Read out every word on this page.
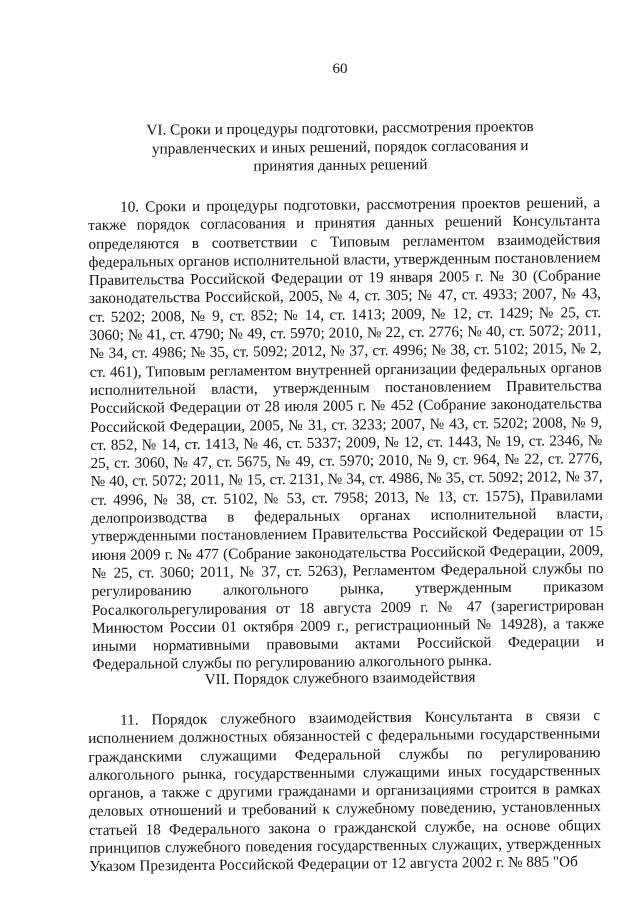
60
VI. Сроки и процедуры подготовки, рассмотрения проектов управленческих и иных решений, порядок согласования и принятия данных решений

10. Сроки и процедуры подготовки, рассмотрения проектов решений, а также порядок согласования и принятия данных решений Консультанта определяются в соответствии с Типовым регламентом взаимодействия федеральных органов исполнительной власти, утвержденным постановлением Правительства Российской Федерации от 19 января 2005 г. № 30 (Собрание законодательства Российской, 2005, № 4, ст. 305; № 47, ст. 4933; 2007, № 43, ст. 5202; 2008, № 9, ст. 852; № 14, ст. 1413; 2009, № 12, ст. 1429; № 25, ст. 3060; № 41, ст. 4790; № 49, ст. 5970; 2010, № 22, ст. 2776; № 40, ст. 5072; 2011, № 34, ст. 4986; № 35, ст. 5092; 2012, № 37, ст. 4996; № 38, ст. 5102; 2015, № 2, ст. 461), Типовым регламентом внутренней организации федеральных органов исполнительной власти, утвержденным постановлением Правительства Российской Федерации от 28 июля 2005 г. № 452 (Собрание законодательства Российской Федерации, 2005, № 31, ст. 3233; 2007, № 43, ст. 5202; 2008, № 9, ст. 852, № 14, ст. 1413, № 46, ст. 5337; 2009, № 12, ст. 1443, № 19, ст. 2346, № 25, ст. 3060, № 47, ст. 5675, № 49, ст. 5970; 2010, № 9, ст. 964, № 22, ст. 2776, № 40, ст. 5072; 2011, № 15, ст. 2131, № 34, ст. 4986, № 35, ст. 5092; 2012, № 37, ст. 4996, № 38, ст. 5102, № 53, ст. 7958; 2013, № 13, ст. 1575), Правилами делопроизводства в федеральных органах исполнительной власти, утвержденными постановлением Правительства Российской Федерации от 15 июня 2009 г. № 477 (Собрание законодательства Российской Федерации, 2009, № 25, ст. 3060; 2011, № 37, ст. 5263), Регламентом Федеральной службы по регулированию алкогольного рынка, утвержденным приказом Росалкогольрегулирования от 18 августа 2009 г. № 47 (зарегистрирован Минюстом России 01 октября 2009 г., регистрационный № 14928), а также иными нормативными правовыми актами Российской Федерации и Федеральной службы по регулированию алкогольного рынка.

VII. Порядок служебного взаимодействия

11. Порядок служебного взаимодействия Консультанта в связи с исполнением должностных обязанностей с федеральными государственными гражданскими служащими Федеральной службы по регулированию алкогольного рынка, государственными служащими иных государственных органов, а также с другими гражданами и организациями строится в рамках деловых отношений и требований к служебному поведению, установленных статьей 18 Федерального закона о гражданской службе, на основе общих принципов служебного поведения государственных служащих, утвержденных Указом Президента Российской Федерации от 12 августа 2002 г. № 885 "Об
